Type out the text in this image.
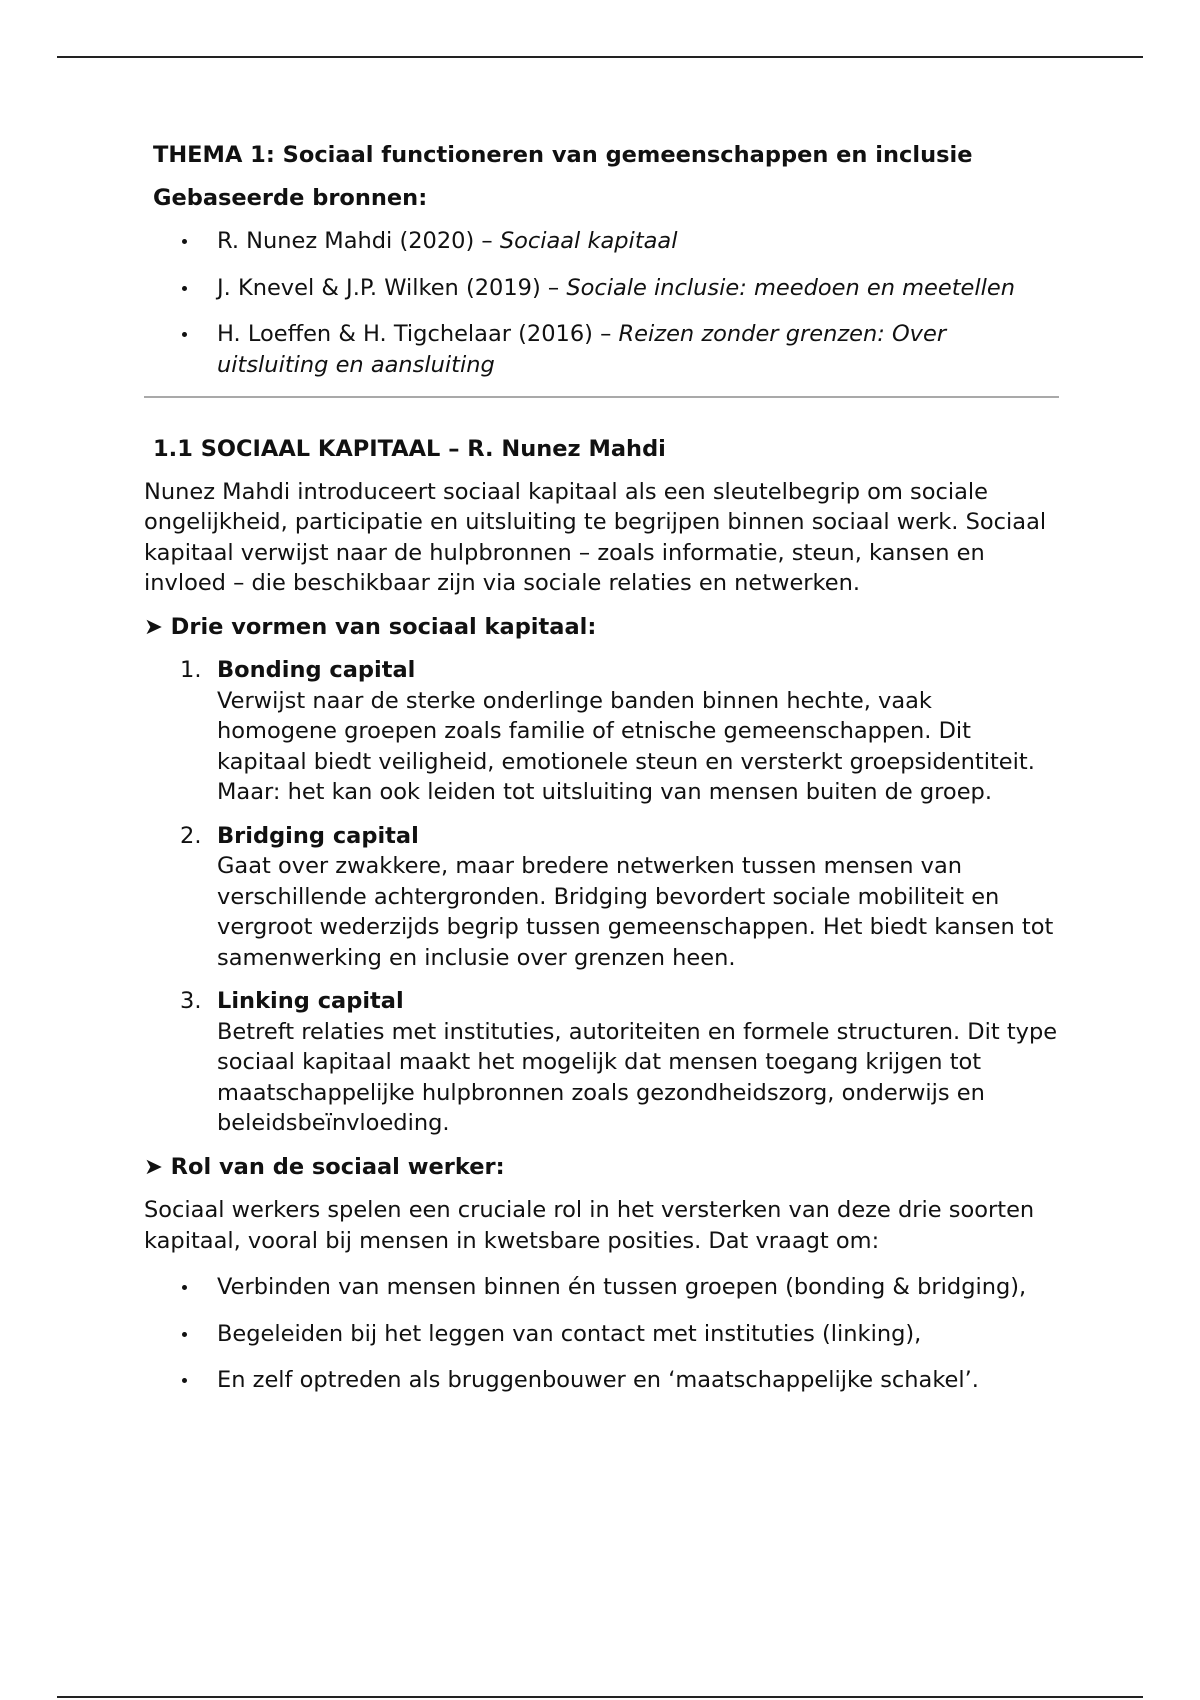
THEMA 1: Sociaal functioneren van gemeenschappen en inclusie
Gebaseerde bronnen:
R. Nunez Mahdi (2020) – Sociaal kapitaal
J. Knevel & J.P. Wilken (2019) – Sociale inclusie: meedoen en meetellen
H. Loeffen & H. Tigchelaar (2016) – Reizen zonder grenzen: Over uitsluiting en aansluiting
1.1 SOCIAAL KAPITAAL – R. Nunez Mahdi

Nunez Mahdi introduceert sociaal kapitaal als een sleutelbegrip om sociale ongelijkheid, participatie en uitsluiting te begrijpen binnen sociaal werk. Sociaal kapitaal verwijst naar de hulpbronnen – zoals informatie, steun, kansen en invloed – die beschikbaar zijn via sociale relaties en netwerken.

➤ Drie vormen van sociaal kapitaal:
1. Bonding capital
Verwijst naar de sterke onderlinge banden binnen hechte, vaak homogene groepen zoals familie of etnische gemeenschappen. Dit kapitaal biedt veiligheid, emotionele steun en versterkt groepsidentiteit. Maar: het kan ook leiden tot uitsluiting van mensen buiten de groep.
2. Bridging capital
Gaat over zwakkere, maar bredere netwerken tussen mensen van verschillende achtergronden. Bridging bevordert sociale mobiliteit en vergroot wederzijds begrip tussen gemeenschappen. Het biedt kansen tot samenwerking en inclusie over grenzen heen.
3. Linking capital
Betreft relaties met instituties, autoriteiten en formele structuren. Dit type sociaal kapitaal maakt het mogelijk dat mensen toegang krijgen tot maatschappelijke hulpbronnen zoals gezondheidszorg, onderwijs en beleidsbeïnvloeding.
➤ Rol van de sociaal werker:

Sociaal werkers spelen een cruciale rol in het versterken van deze drie soorten kapitaal, vooral bij mensen in kwetsbare posities. Dat vraagt om:

Verbinden van mensen binnen én tussen groepen (bonding & bridging),
Begeleiden bij het leggen van contact met instituties (linking),
En zelf optreden als bruggenbouwer en ‘maatschappelijke schakel’.
